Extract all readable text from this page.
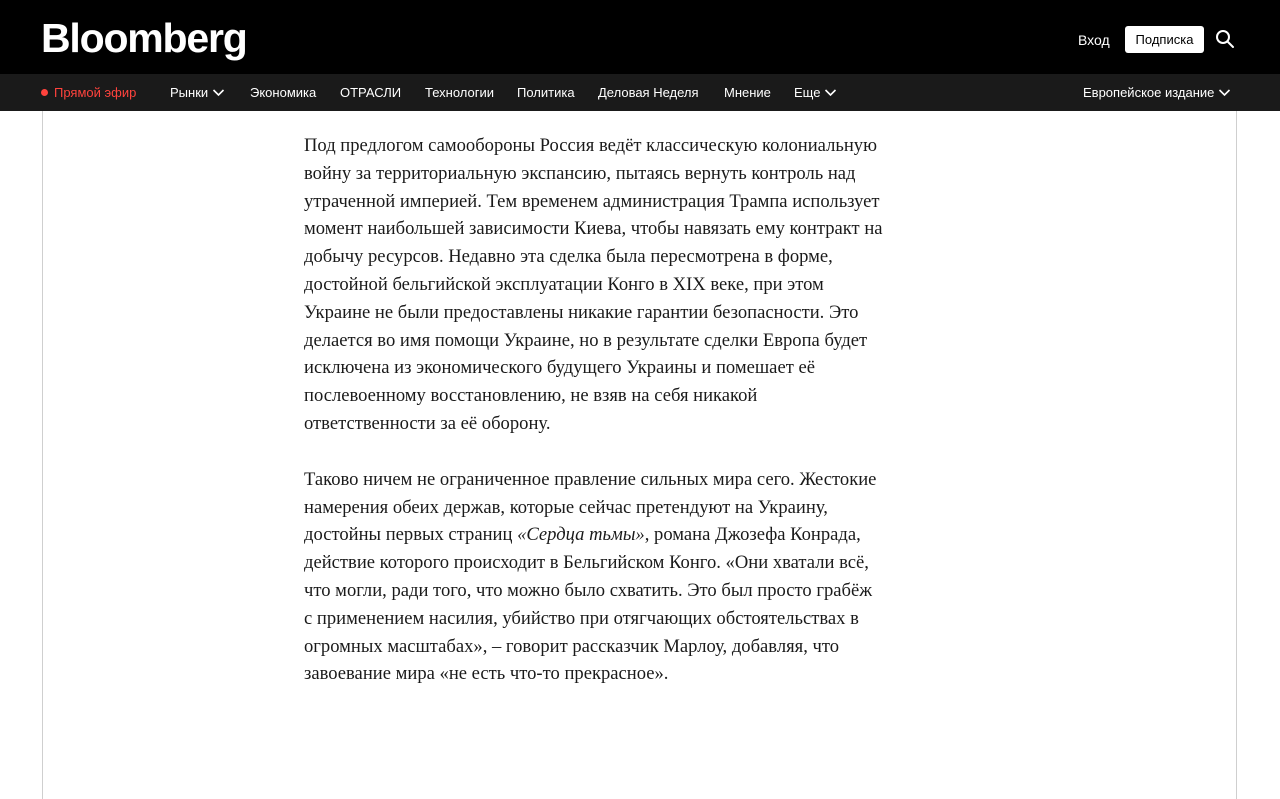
Bloomberg	Вход	Подписка
Прямой эфир	Рынки	Экономика ОТРАСЛИ Технологии Политика Деловая Неделя Мнение Еще	Европейское издание

Под предлогом самообороны Россия ведёт классическую колониальную войну за территориальную экспансию, пытаясь вернуть контроль над утраченной империей. Тем временем администрация Трампа использует момент наибольшей зависимости Киева, чтобы навязать ему контракт на добычу ресурсов. Недавно эта сделка была пересмотрена в форме, достойной бельгийской эксплуатации Конго в XIX веке, при этом Украине не были предоставлены никакие гарантии безопасности. Это делается во имя помощи Украине, но в результате сделки Европа будет исключена из экономического будущего Украины и помешает её послевоенному восстановлению, не взяв на себя никакой ответственности за её оборону.

Таково ничем не ограниченное правление сильных мира сего. Жестокие намерения обеих держав, которые сейчас претендуют на Украину, достойны первых страниц «Сердца тьмы», романа Джозефа Конрада, действие которого происходит в Бельгийском Конго. «Они хватали всё, что могли, ради того, что можно было схватить. Это был просто грабёж с применением насилия, убийство при отягчающих обстоятельствах в огромных масштабах», – говорит рассказчик Марлоу, добавляя, что завоевание мира «не есть что-то прекрасное».
